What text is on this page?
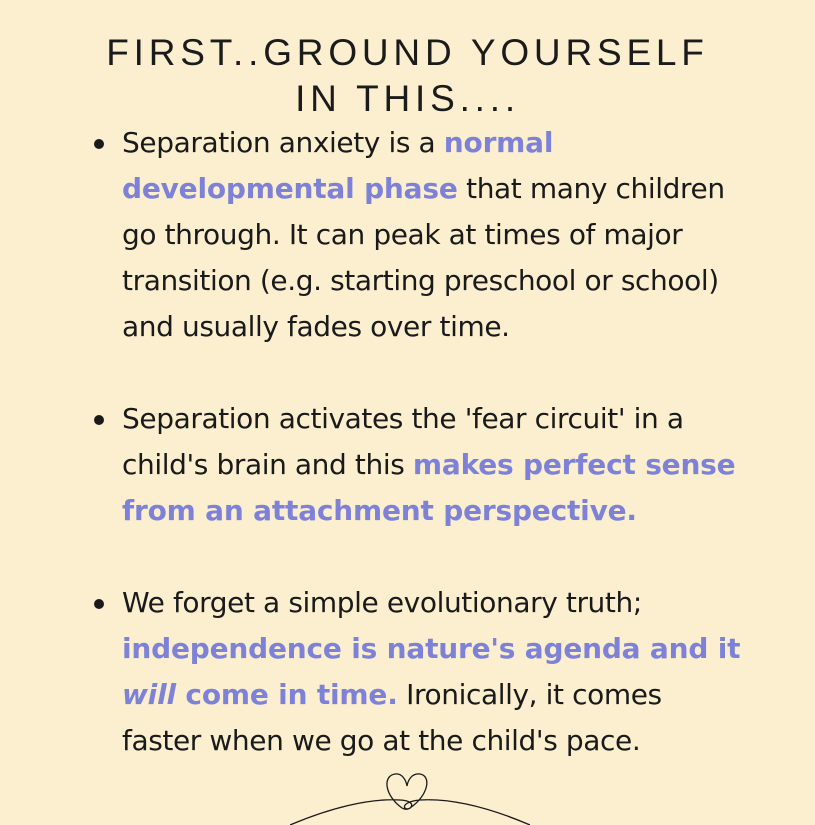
FIRST..GROUND YOURSELF
IN THIS....
Separation anxiety is a normal
developmental phase that many children
go through. It can peak at times of major
transition (e.g. starting preschool or school)
and usually fades over time.
Separation activates the 'fear circuit' in a
child's brain and this makes perfect sense
from an attachment perspective.
We forget a simple evolutionary truth;
independence is nature's agenda and it
will come in time. Ironically, it comes
faster when we go at the child's pace.
